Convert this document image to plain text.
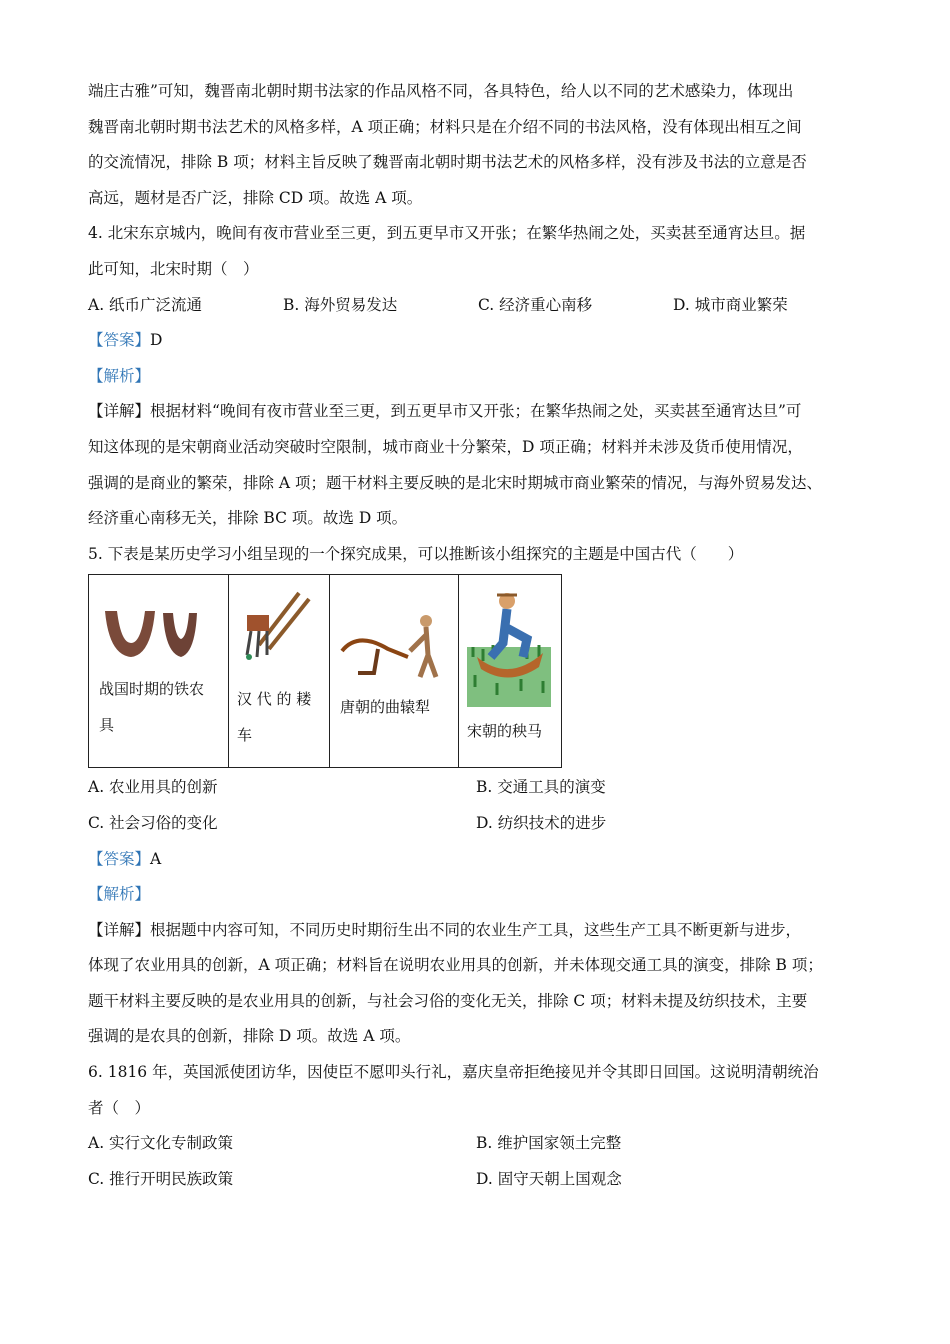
端庄古雅”可知，魏晋南北朝时期书法家的作品风格不同，各具特色，给人以不同的艺术感染力，体现出
魏晋南北朝时期书法艺术的风格多样，A 项正确；材料只是在介绍不同的书法风格，没有体现出相互之间
的交流情况，排除 B 项；材料主旨反映了魏晋南北朝时期书法艺术的风格多样，没有涉及书法的立意是否
高远，题材是否广泛，排除 CD 项。故选 A 项。
4. 北宋东京城内，晚间有夜市营业至三更，到五更早市又开张；在繁华热闹之处，买卖甚至通宵达旦。据
此可知，北宋时期（　）
A. 纸币广泛流通	B. 海外贸易发达	C. 经济重心南移	D. 城市商业繁荣
【答案】D
【解析】
【详解】根据材料“晚间有夜市营业至三更，到五更早市又开张；在繁华热闹之处，买卖甚至通宵达旦”可
知这体现的是宋朝商业活动突破时空限制，城市商业十分繁荣，D 项正确；材料并未涉及货币使用情况，
强调的是商业的繁荣，排除 A 项；题干材料主要反映的是北宋时期城市商业繁荣的情况，与海外贸易发达、
经济重心南移无关，排除 BC 项。故选 D 项。
5. 下表是某历史学习小组呈现的一个探究成果，可以推断该小组探究的主题是中国古代（　　）
战国时期的铁农
具

汉 代 的 耧
车

唐朝的曲辕犁

宋朝的秧马
A. 农业用具的创新	B. 交通工具的演变
C. 社会习俗的变化	D. 纺织技术的进步
【答案】A
【解析】
【详解】根据题中内容可知，不同历史时期衍生出不同的农业生产工具，这些生产工具不断更新与进步，
体现了农业用具的创新，A 项正确；材料旨在说明农业用具的创新，并未体现交通工具的演变，排除 B 项；
题干材料主要反映的是农业用具的创新，与社会习俗的变化无关，排除 C 项；材料未提及纺织技术，主要
强调的是农具的创新，排除 D 项。故选 A 项。
6. 1816 年，英国派使团访华，因使臣不愿叩头行礼，嘉庆皇帝拒绝接见并令其即日回国。这说明清朝统治
者（　）
A. 实行文化专制政策	B. 维护国家领土完整
C. 推行开明民族政策	D. 固守天朝上国观念
